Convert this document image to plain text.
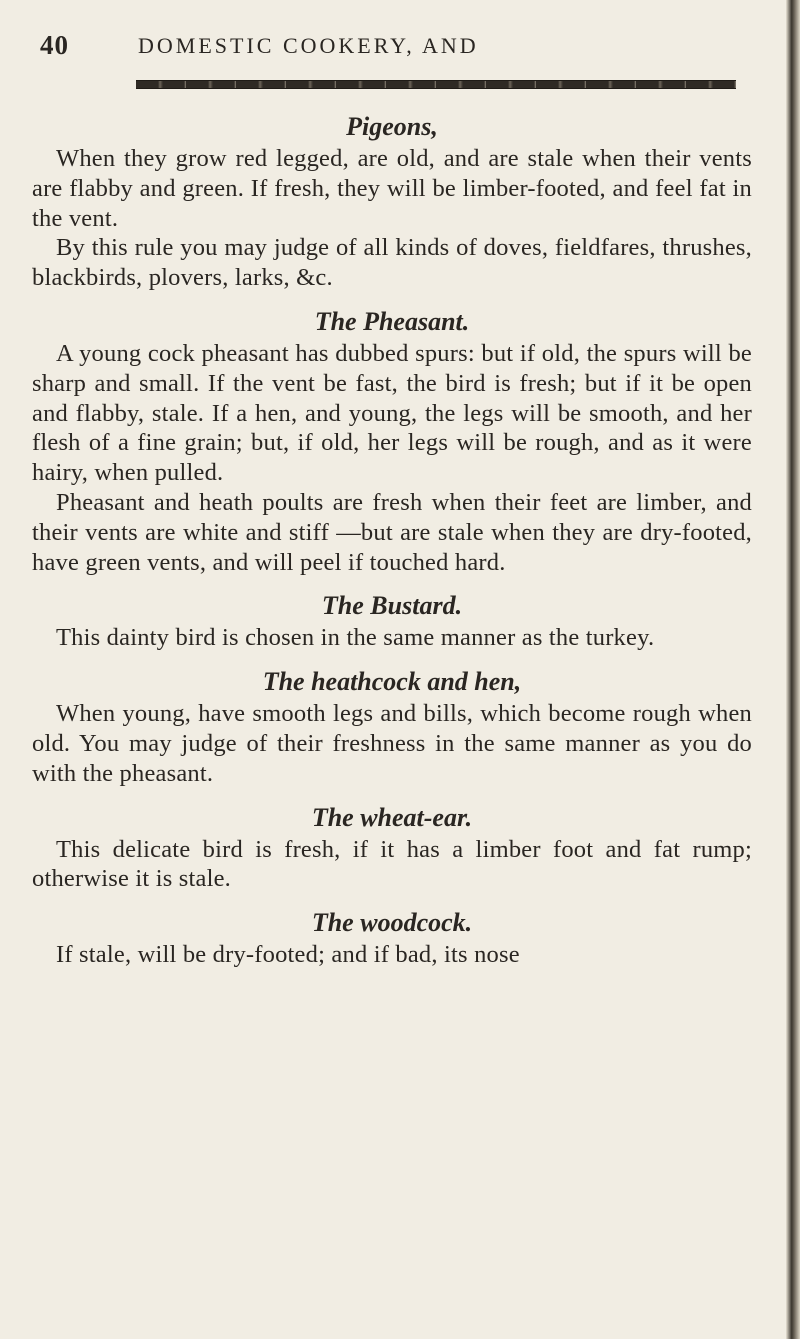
40	DOMESTIC COOKERY, AND
Pigeons,

When they grow red legged, are old, and are stale when their vents are flabby and green. If fresh, they will be limber-footed, and feel fat in the vent.

By this rule you may judge of all kinds of doves, fieldfares, thrushes, blackbirds, plovers, larks, &c.

The Pheasant.

A young cock pheasant has dubbed spurs: but if old, the spurs will be sharp and small. If the vent be fast, the bird is fresh; but if it be open and flabby, stale. If a hen, and young, the legs will be smooth, and her flesh of a fine grain; but, if old, her legs will be rough, and as it were hairy, when pulled.

Pheasant and heath poults are fresh when their feet are limber, and their vents are white and stiff —but are stale when they are dry-footed, have green vents, and will peel if touched hard.

The Bustard.

This dainty bird is chosen in the same manner as the turkey.

The heathcock and hen,

When young, have smooth legs and bills, which become rough when old. You may judge of their freshness in the same manner as you do with the pheasant.

The wheat-ear.

This delicate bird is fresh, if it has a limber foot and fat rump; otherwise it is stale.

The woodcock.

If stale, will be dry-footed; and if bad, its nose
